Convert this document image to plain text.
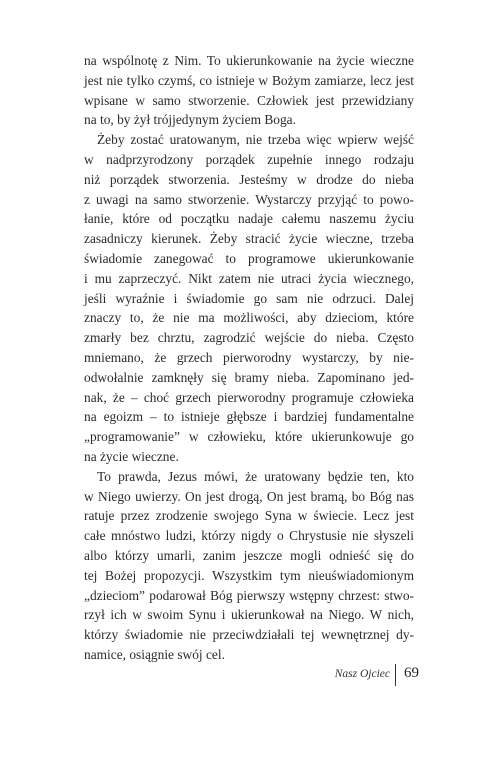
na wspólnotę z Nim. To ukierunkowanie na życie wieczne
jest nie tylko czymś, co istnieje w Bożym zamiarze, lecz jest
wpisane w samo stworzenie. Człowiek jest przewidziany
na to, by żył trójjedynym życiem Boga.
Żeby zostać uratowanym, nie trzeba więc wpierw wejść
w nadprzyrodzony porządek zupełnie innego rodzaju
niż porządek stworzenia. Jesteśmy w drodze do nieba
z uwagi na samo stworzenie. Wystarczy przyjąć to powo-
łanie, które od początku nadaje całemu naszemu życiu
zasadniczy kierunek. Żeby stracić życie wieczne, trzeba
świadomie zanegować to programowe ukierunkowanie
i mu zaprzeczyć. Nikt zatem nie utraci życia wiecznego,
jeśli wyraźnie i świadomie go sam nie odrzuci. Dalej
znaczy to, że nie ma możliwości, aby dzieciom, które
zmarły bez chrztu, zagrodzić wejście do nieba. Często
mniemano, że grzech pierworodny wystarczy, by nie-
odwołalnie zamknęły się bramy nieba. Zapominano jed-
nak, że – choć grzech pierworodny programuje człowieka
na egoizm – to istnieje głębsze i bardziej fundamentalne
„programowanie” w człowieku, które ukierunkowuje go
na życie wieczne.
To prawda, Jezus mówi, że uratowany będzie ten, kto
w Niego uwierzy. On jest drogą, On jest bramą, bo Bóg nas
ratuje przez zrodzenie swojego Syna w świecie. Lecz jest
całe mnóstwo ludzi, którzy nigdy o Chrystusie nie słyszeli
albo którzy umarli, zanim jeszcze mogli odnieść się do
tej Bożej propozycji. Wszystkim tym nieuświadomionym
„dzieciom” podarował Bóg pierwszy wstępny chrzest: stwo-
rzył ich w swoim Synu i ukierunkował na Niego. W nich,
którzy świadomie nie przeciwdziałali tej wewnętrznej dy-
namice, osiągnie swój cel.
Nasz Ojciec 69
